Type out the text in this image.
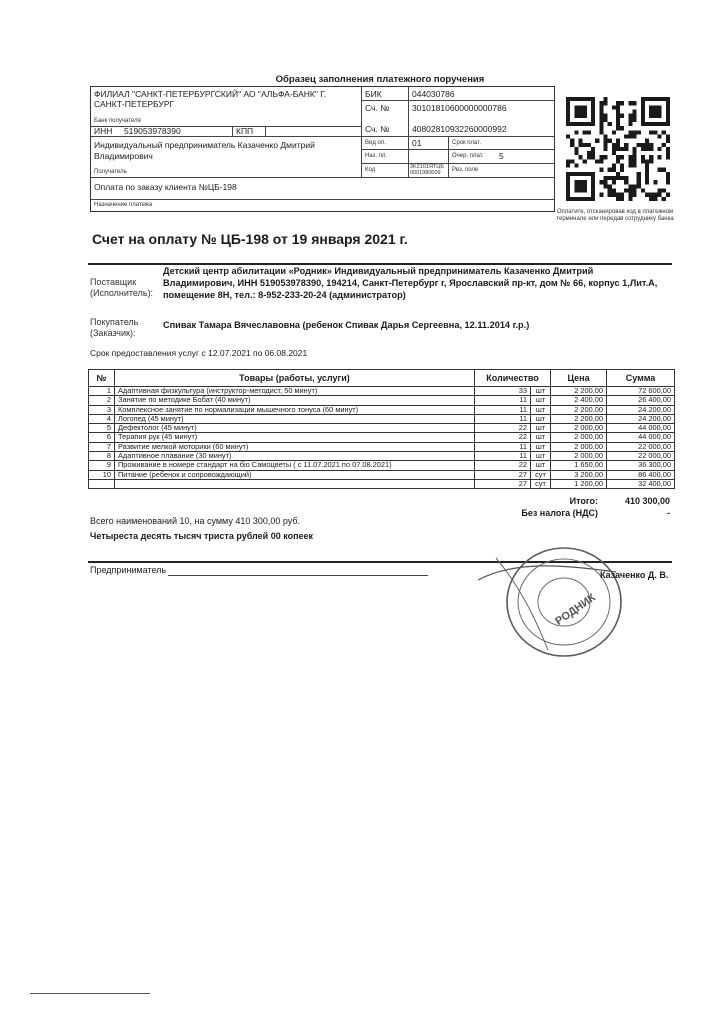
Образец заполнения платежного поручения
ФИЛИАЛ "САНКТ-ПЕТЕРБУРГСКИЙ" АО "АЛЬФА-БАНК" Г. САНКТ-ПЕТЕРБУРГ
Банк получателя
ИНН 519053978390	КПП
Индивидуальный предприниматель Казаченко Дмитрий Владимирович
Получатель
БИК	044030786
Сч. №	30101810600000000786
Сч. №	40802810932260000992
Вид оп.	01	Срок плат.
Наз. пл.	Очер. плат. 5
Код	3K2101ЯТЦБ 0001980009
Рез. поле
Оплата по заказу клиента №ЦБ-198
Назначение платежа
Оплатите, отсканировав код в платежном терминале или передав сотруднику банка
Счет на оплату № ЦБ-198 от 19 января 2021 г.
Поставщик (Исполнитель):
Детский центр абилитации «Родник» Индивидуальный предприниматель Казаченко Дмитрий Владимирович, ИНН 519053978390, 194214, Санкт-Петербург г, Ярославский пр-кт, дом № 66, корпус 1,Лит.А, помещение 8Н, тел.: 8-952-233-20-24 (администратор)
Покупатель (Заказчик):
Спивак Тамара Вячеславовна (ребенок Спивак Дарья Сергеевна, 12.11.2014 г.р.)
Срок предоставления услуг с 12.07.2021 по 06.08.2021
№	Товары (работы, услуги)	Количество		Цена	Сумма
1	Адаптивная физкультура (инструктор-методист, 50 минут)	33	шт	2 200,00	72 600,00
2	Занятие по методике Бобат (40 минут)	11	шт	2 400,00	26 400,00
3	Комплексное занятие по нормализации мышечного тонуса (60 минут)	11	шт	2 200,00	24 200,00
4	Логопед (45 минут)	11	шт	2 200,00	24 200,00
5	Дефектолог (45 минут)	22	шт	2 000,00	44 000,00
6	Терапия рук (45 минут)	22	шт	2 000,00	44 000,00
7	Развитие мелкой моторики (60 минут)	11	шт	2 000,00	22 000,00
8	Адаптивное плавание (30 минут)	11	шт	2 000,00	22 000,00
9	Проживание в номере стандарт на біо Самоцветы ( с 11.07.2021 по 07.08.2021)	22	шт	1 650,00	36 300,00
10	Питание (ребенок и сопровождающий)	27	сут	3 200,00	86 400,00
		27	сут	1 200,00	32 400,00
Итого:	410 300,00
Без налога (НДС)	-
Всего наименований 10, на сумму 410 300,00 руб.
Четыреста десять тысяч триста рублей 00 копеек
Предприниматель
РОДНИК
Казаченко Д. В.
